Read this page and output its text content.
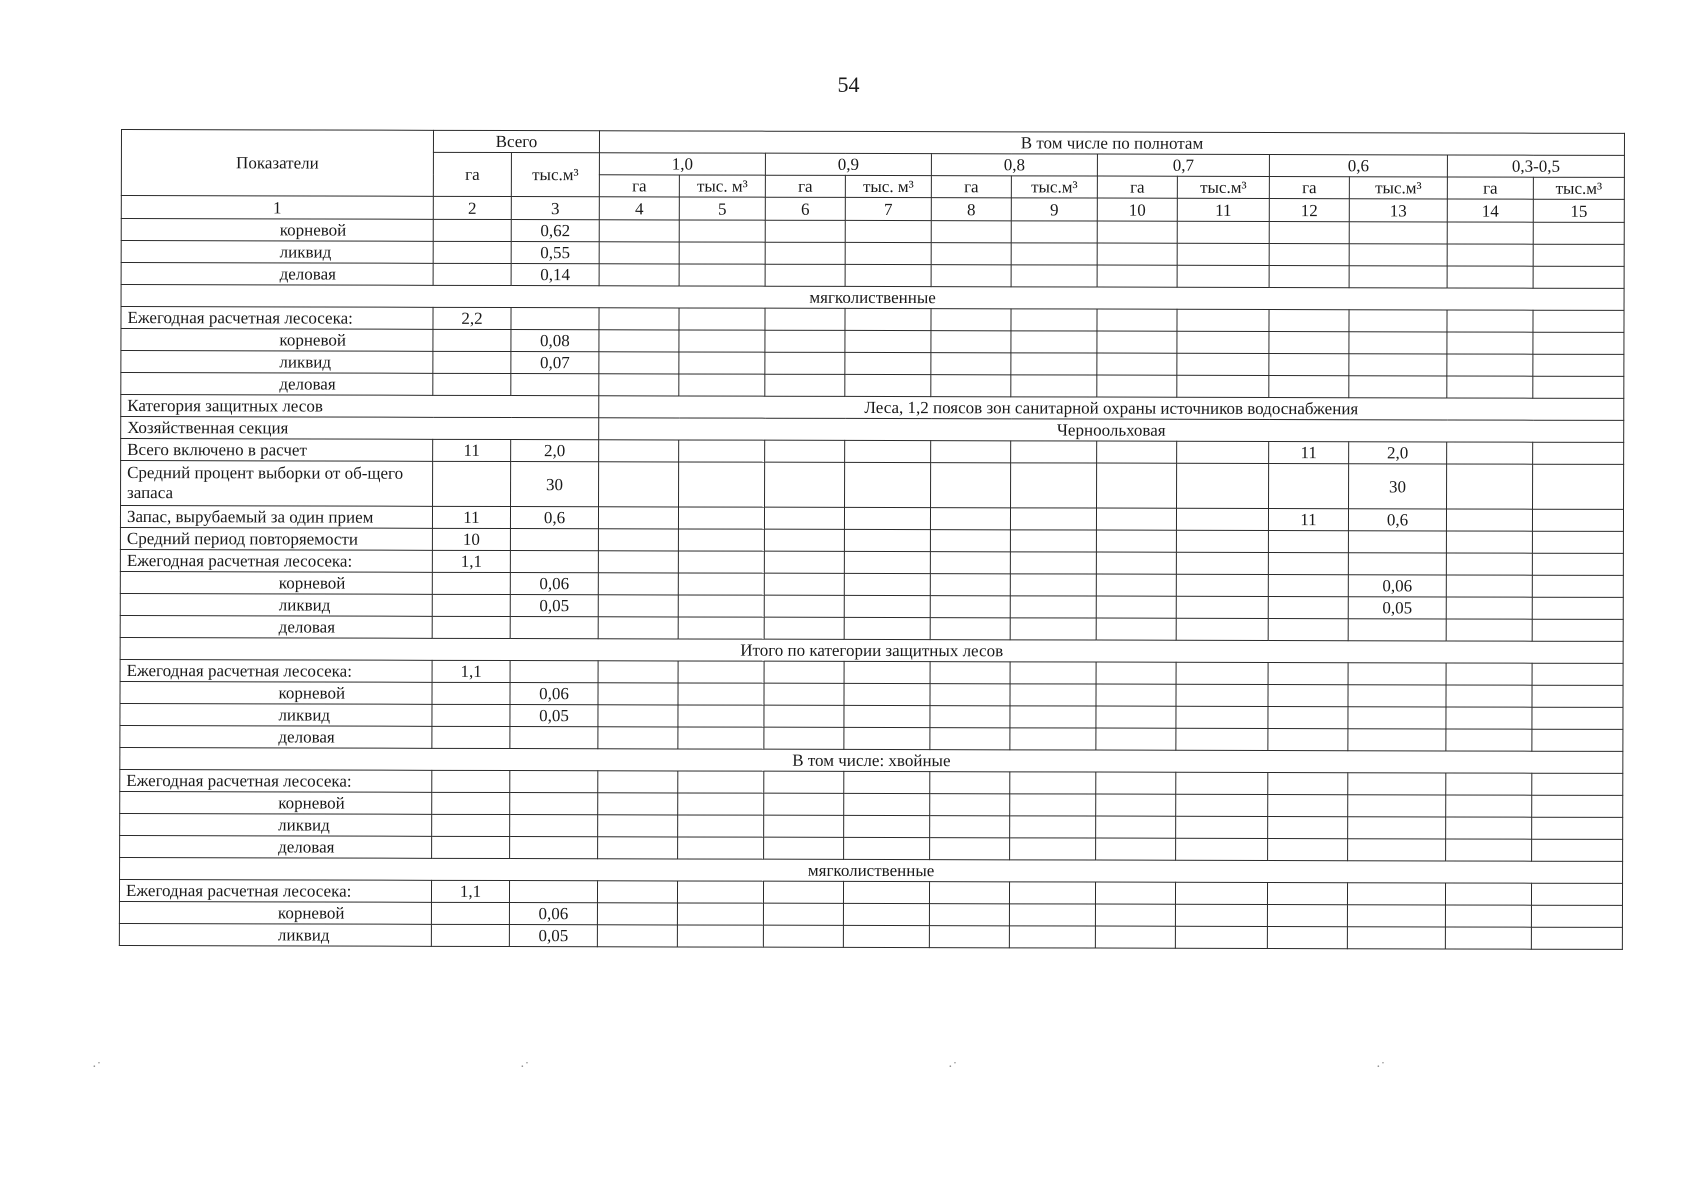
54
Показатели	Всего		В том числе по полнотам											
	га	тыс.м³	1,0		0,9		0,8		0,7		0,6		0,3-0,5	
			га	тыс. м³	га	тыс. м³	га	тыс.м³	га	тыс.м³	га	тыс.м³	га	тыс.м³
1	2	3	4	5	6	7	8	9	10	11	12	13	14	15
корневой		0,62												
ликвид		0,55												
деловая		0,14												
мягколиственные														
Ежегодная расчетная лесосека:	2,2													
корневой		0,08												
ликвид		0,07												
деловая														
Категория защитных лесов			Леса, 1,2 поясов зон санитарной охраны источников водоснабжения											
Хозяйственная секция			Черноольховая											
Всего включено в расчет	11	2,0									11	2,0		
Средний процент выборки от об-щего запаса		30										30		
Запас, вырубаемый за один прием	11	0,6									11	0,6		
Средний период повторяемости	10													
Ежегодная расчетная лесосека:	1,1													
корневой		0,06										0,06		
ликвид		0,05										0,05		
деловая														
Итого по категории защитных лесов														
Ежегодная расчетная лесосека:	1,1													
корневой		0,06												
ликвид		0,05												
деловая														
В том числе: хвойные														
Ежегодная расчетная лесосека:														
корневой														
ликвид														
деловая														
мягколиственные														
Ежегодная расчетная лесосека:	1,1													
корневой		0,06												
ликвид		0,05												
·˙	·˙	·˙	·˙
